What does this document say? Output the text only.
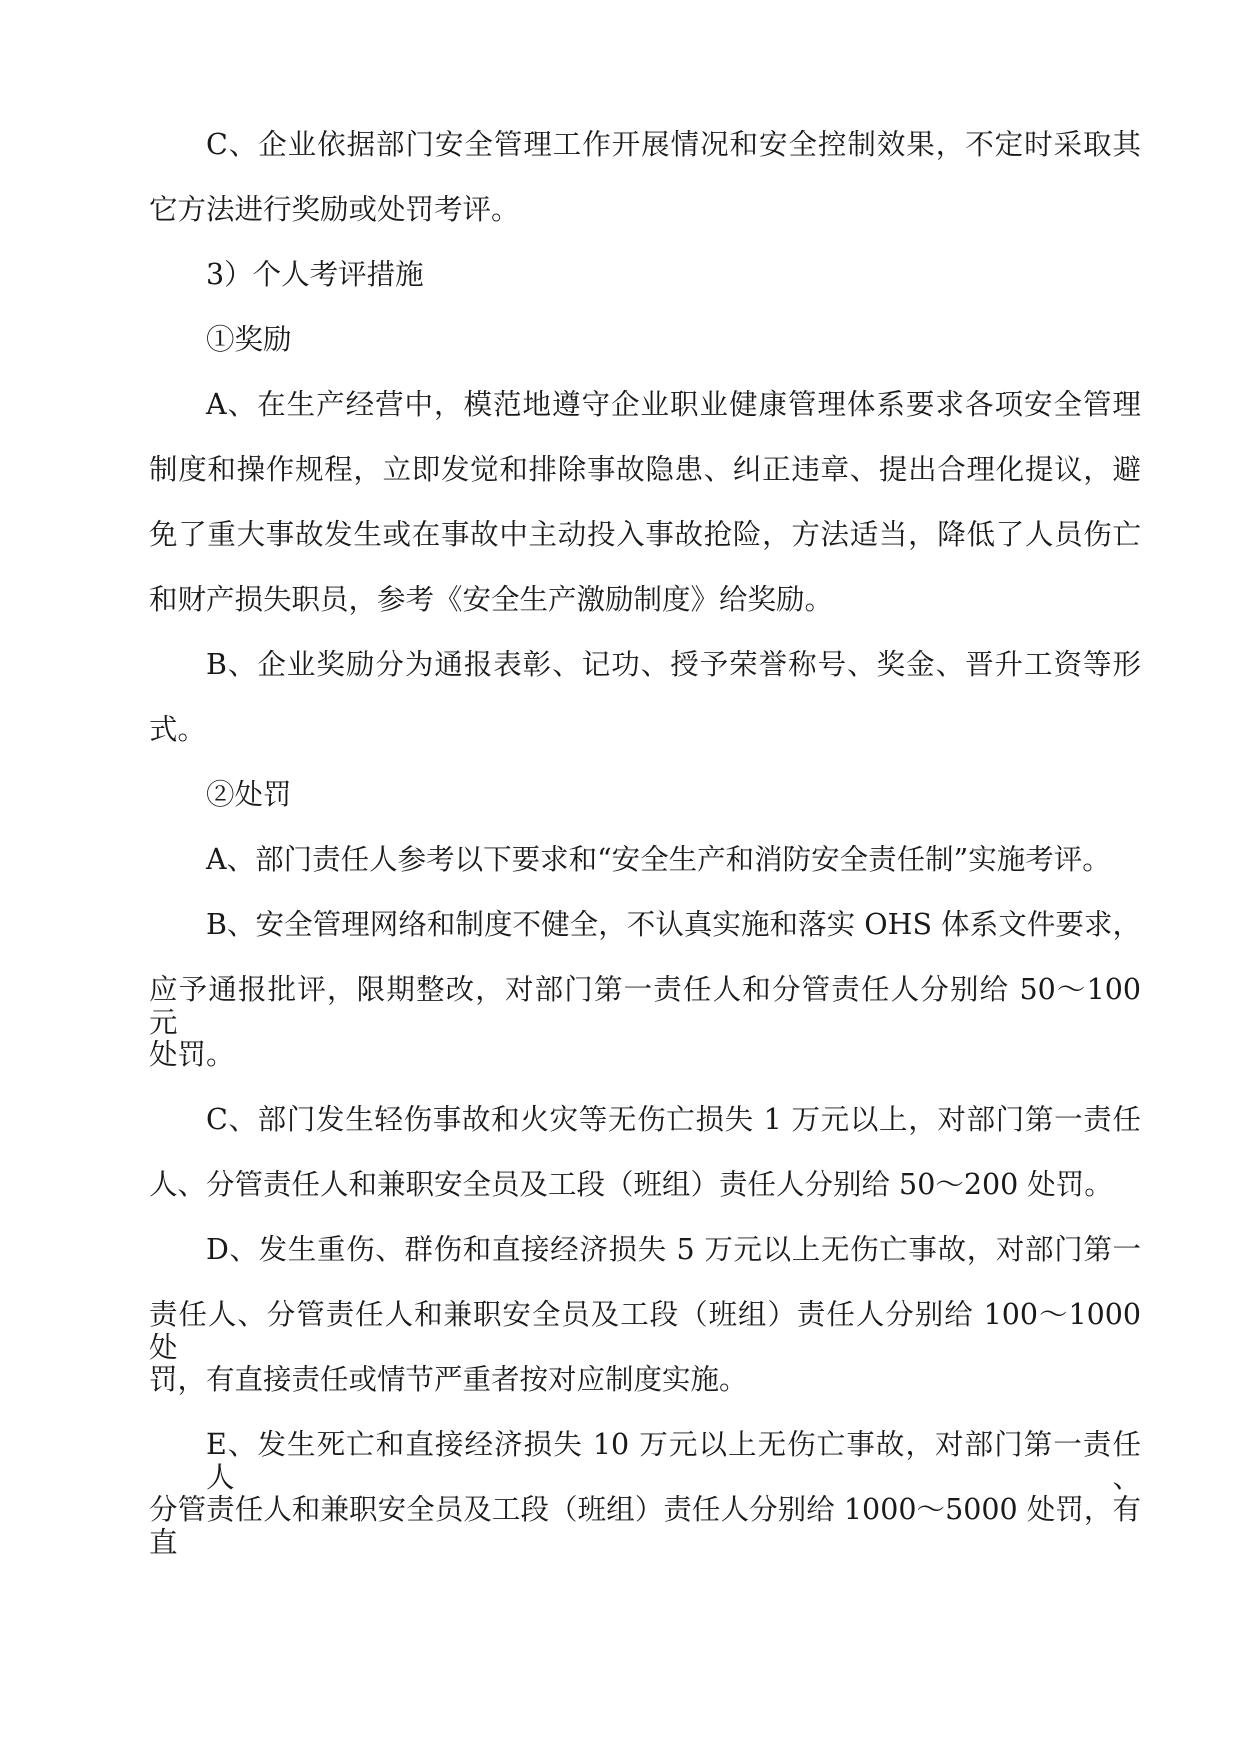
C、企业依据部门安全管理工作开展情况和安全控制效果，不定时采取其
它方法进行奖励或处罚考评。
3）个人考评措施
①奖励
A、在生产经营中，模范地遵守企业职业健康管理体系要求各项安全管理
制度和操作规程，立即发觉和排除事故隐患、纠正违章、提出合理化提议，避
免了重大事故发生或在事故中主动投入事故抢险，方法适当，降低了人员伤亡
和财产损失职员，参考《安全生产激励制度》给奖励。
B、企业奖励分为通报表彰、记功、授予荣誉称号、奖金、晋升工资等形
式。
②处罚
A、部门责任人参考以下要求和“安全生产和消防安全责任制”实施考评。
B、安全管理网络和制度不健全，不认真实施和落实 OHS 体系文件要求，
应予通报批评，限期整改，对部门第一责任人和分管责任人分别给 50～100 元
处罚。
C、部门发生轻伤事故和火灾等无伤亡损失 1 万元以上，对部门第一责任
人、分管责任人和兼职安全员及工段（班组）责任人分别给 50～200 处罚。
D、发生重伤、群伤和直接经济损失 5 万元以上无伤亡事故，对部门第一
责任人、分管责任人和兼职安全员及工段（班组）责任人分别给 100～1000 处
罚，有直接责任或情节严重者按对应制度实施。
E、发生死亡和直接经济损失 10 万元以上无伤亡事故，对部门第一责任人、
分管责任人和兼职安全员及工段（班组）责任人分别给 1000～5000 处罚，有直
